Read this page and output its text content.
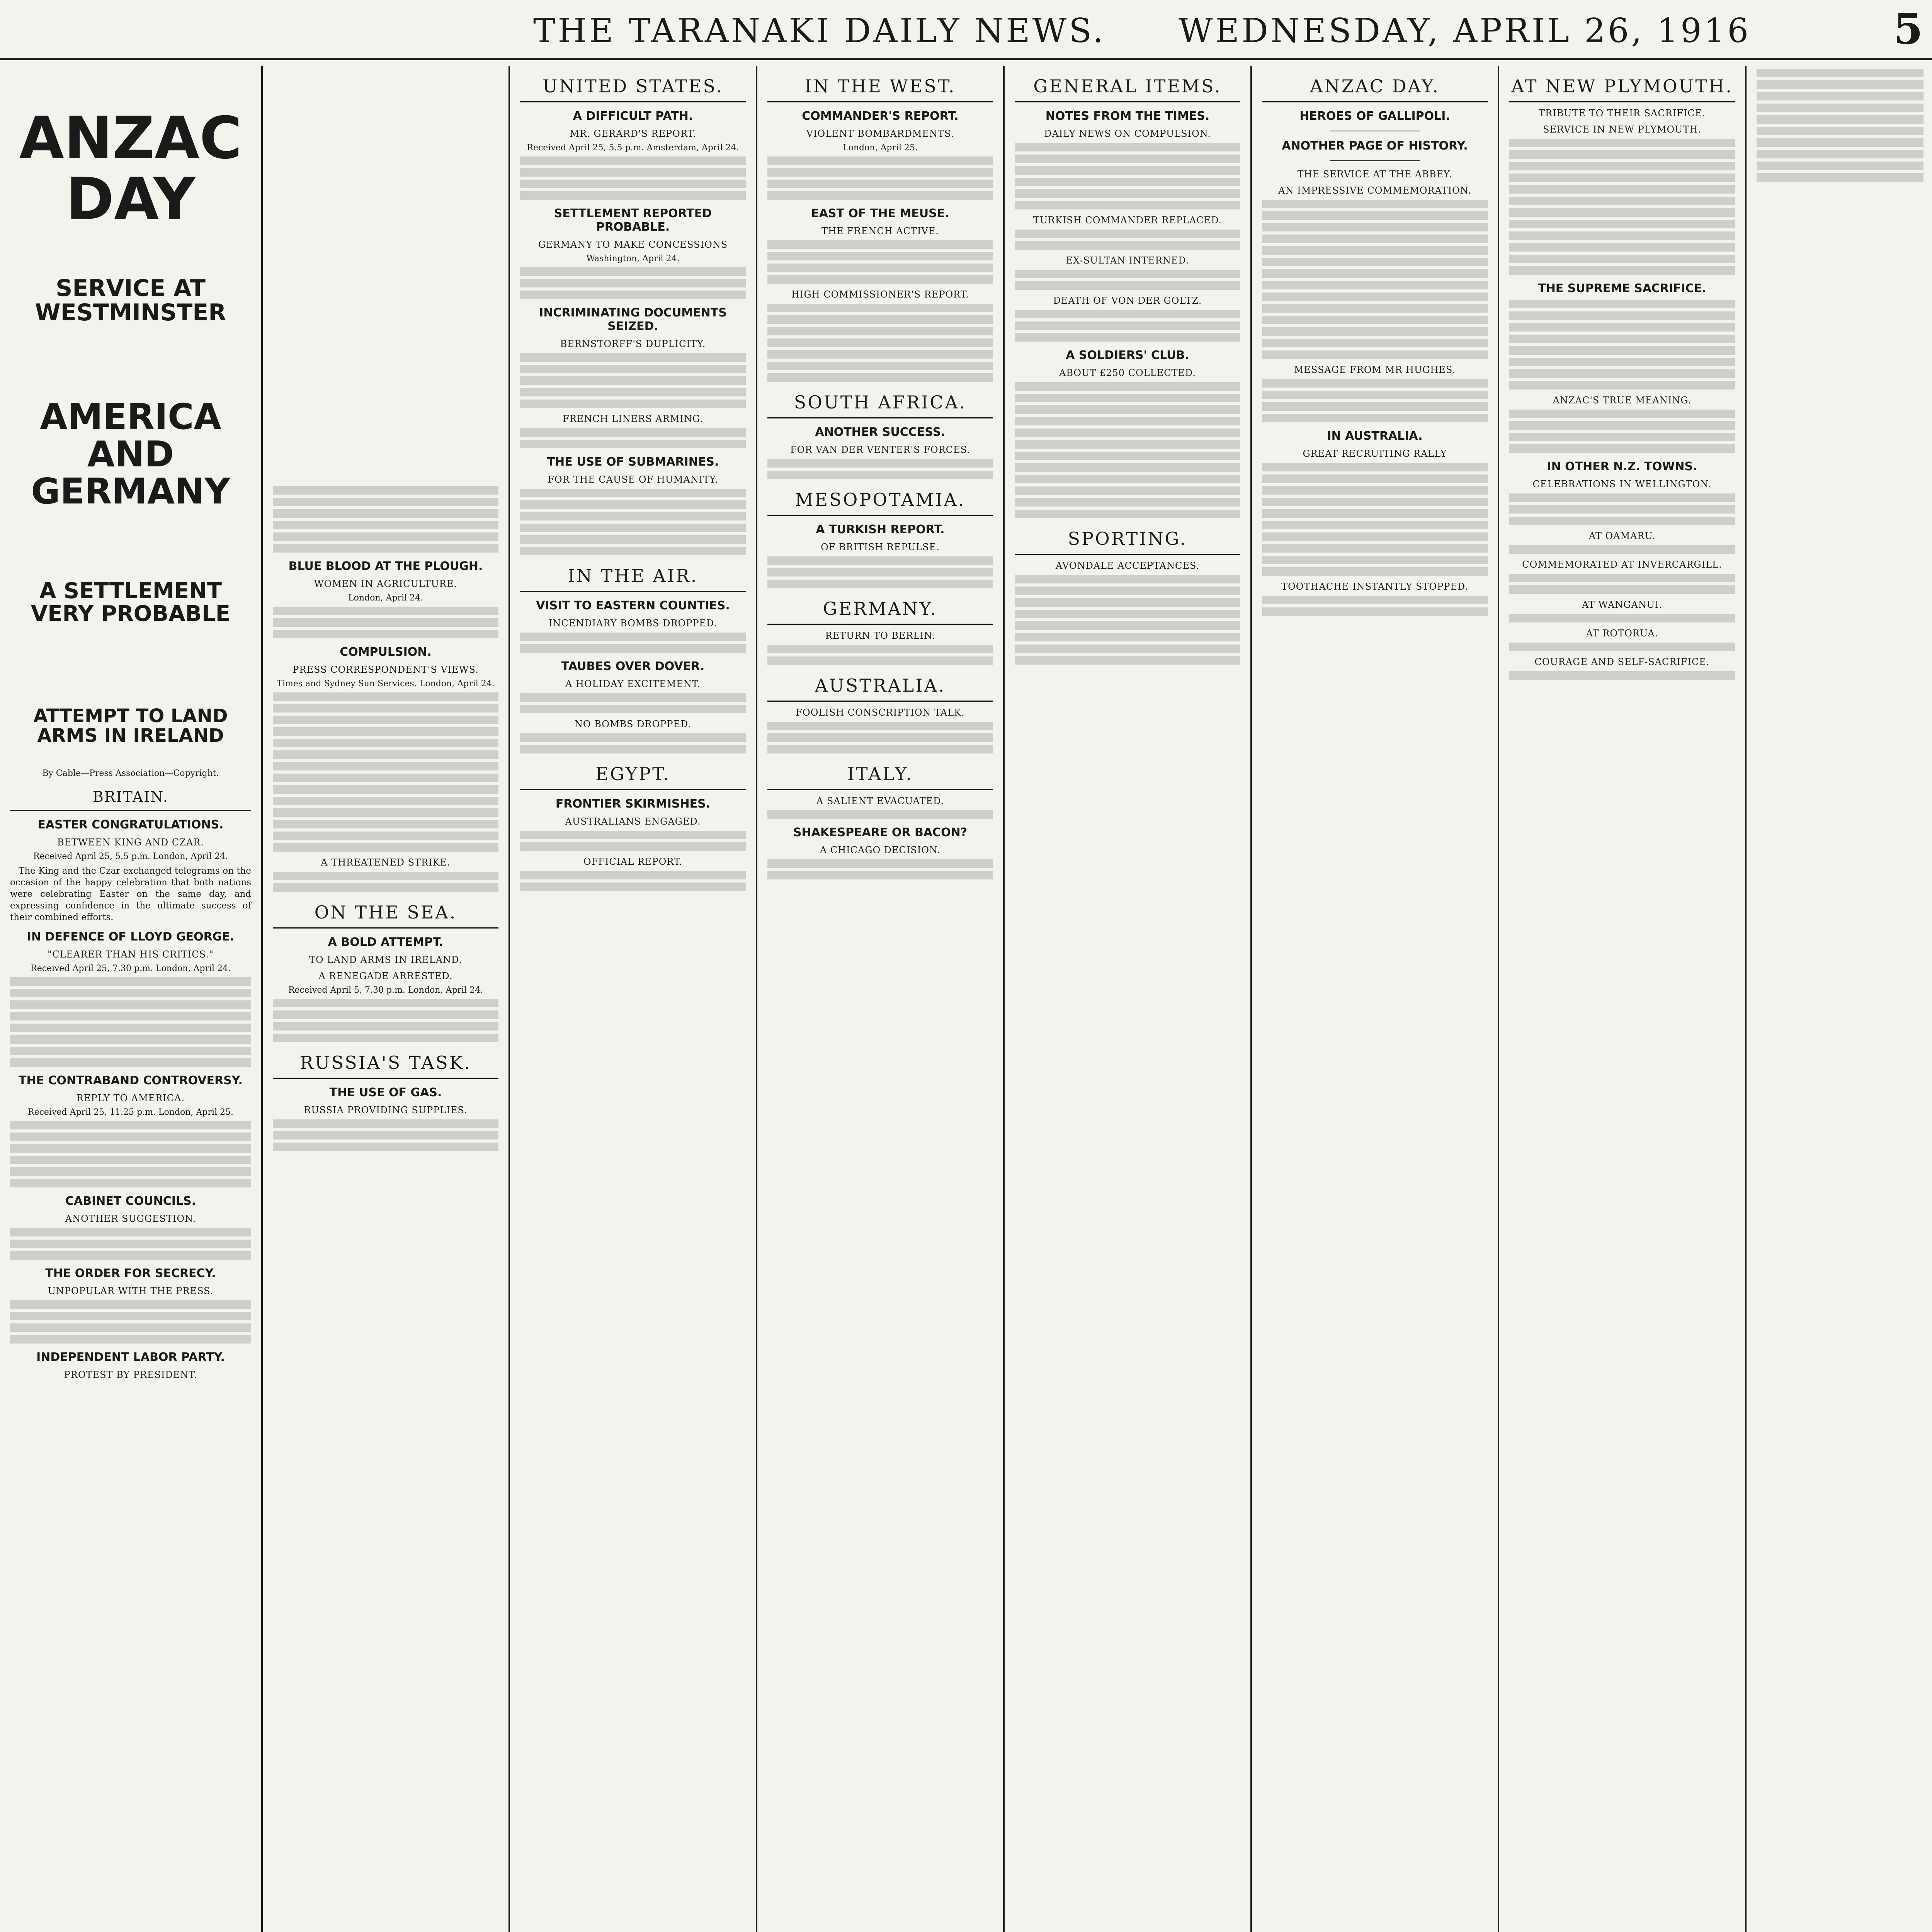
THE TARANAKI DAILY NEWS. WEDNESDAY, APRIL 26, 1916	5
ANZAC DAY
SERVICE AT WESTMINSTER
AMERICA AND GERMANY
A SETTLEMENT VERY PROBABLE
ATTEMPT TO LAND ARMS IN IRELAND
By Cable—Press Association—Copyright.
BRITAIN.
EASTER CONGRATULATIONS.
BETWEEN KING AND CZAR.
Received April 25, 5.5 p.m. London, April 24.

The King and the Czar exchanged telegrams on the occasion of the happy celebration that both nations were celebrating Easter on the same day, and expressing confidence in the ultimate success of their combined efforts.

IN DEFENCE OF LLOYD GEORGE.
"CLEARER THAN HIS CRITICS."
Received April 25, 7.30 p.m. London, April 24.
THE CONTRABAND CONTROVERSY.
REPLY TO AMERICA.
Received April 25, 11.25 p.m. London, April 25.
CABINET COUNCILS.
ANOTHER SUGGESTION.
THE ORDER FOR SECRECY.
UNPOPULAR WITH THE PRESS.
INDEPENDENT LABOR PARTY.
PROTEST BY PRESIDENT.
BLUE BLOOD AT THE PLOUGH.
WOMEN IN AGRICULTURE.
London, April 24.
COMPULSION.
PRESS CORRESPONDENT'S VIEWS.
Times and Sydney Sun Services. London, April 24.
A THREATENED STRIKE.
ON THE SEA.
A BOLD ATTEMPT.
TO LAND ARMS IN IRELAND.
A RENEGADE ARRESTED.
Received April 5, 7.30 p.m. London, April 24.
RUSSIA'S TASK.
THE USE OF GAS.
RUSSIA PROVIDING SUPPLIES.
UNITED STATES.
A DIFFICULT PATH.
MR. GERARD'S REPORT.
Received April 25, 5.5 p.m. Amsterdam, April 24.
SETTLEMENT REPORTED PROBABLE.
GERMANY TO MAKE CONCESSIONS
Washington, April 24.
INCRIMINATING DOCUMENTS SEIZED.
BERNSTORFF'S DUPLICITY.
FRENCH LINERS ARMING.
THE USE OF SUBMARINES.
FOR THE CAUSE OF HUMANITY.
IN THE AIR.
VISIT TO EASTERN COUNTIES.
INCENDIARY BOMBS DROPPED.
TAUBES OVER DOVER.
A HOLIDAY EXCITEMENT.
NO BOMBS DROPPED.
EGYPT.
FRONTIER SKIRMISHES.
AUSTRALIANS ENGAGED.
OFFICIAL REPORT.
IN THE WEST.
COMMANDER'S REPORT.
VIOLENT BOMBARDMENTS.
London, April 25.
EAST OF THE MEUSE.
THE FRENCH ACTIVE.
HIGH COMMISSIONER'S REPORT.
SOUTH AFRICA.
ANOTHER SUCCESS.
FOR VAN DER VENTER'S FORCES.
MESOPOTAMIA.
A TURKISH REPORT.
OF BRITISH REPULSE.
GERMANY.
RETURN TO BERLIN.
AUSTRALIA.
FOOLISH CONSCRIPTION TALK.
ITALY.
A SALIENT EVACUATED.
SHAKESPEARE OR BACON?
A CHICAGO DECISION.
GENERAL ITEMS.
NOTES FROM THE TIMES.
DAILY NEWS ON COMPULSION.
TURKISH COMMANDER REPLACED.
EX-SULTAN INTERNED.
DEATH OF VON DER GOLTZ.
A SOLDIERS' CLUB.
ABOUT £250 COLLECTED.
SPORTING.
AVONDALE ACCEPTANCES.
ANZAC DAY.
HEROES OF GALLIPOLI.
ANOTHER PAGE OF HISTORY.
THE SERVICE AT THE ABBEY.
AN IMPRESSIVE COMMEMORATION.
MESSAGE FROM MR HUGHES.
IN AUSTRALIA.
GREAT RECRUITING RALLY
TOOTHACHE INSTANTLY STOPPED.
AT NEW PLYMOUTH.
TRIBUTE TO THEIR SACRIFICE.
SERVICE IN NEW PLYMOUTH.
THE SUPREME SACRIFICE.
ANZAC'S TRUE MEANING.
IN OTHER N.Z. TOWNS.
CELEBRATIONS IN WELLINGTON.
AT OAMARU.
COMMEMORATED AT INVERCARGILL.
AT WANGANUI.
AT ROTORUA.
COURAGE AND SELF-SACRIFICE.
